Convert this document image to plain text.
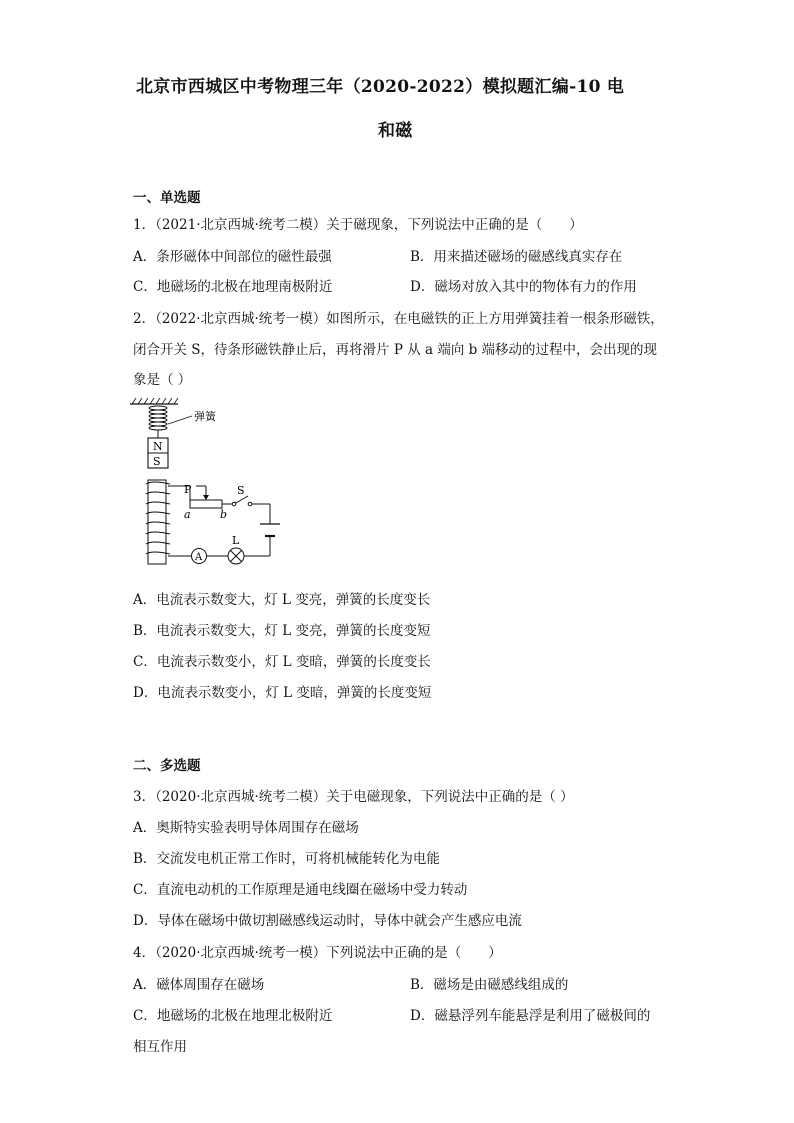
北京市西城区中考物理三年（2020-2022）模拟题汇编-10 电
和磁
一、单选题
1．（2021·北京西城·统考二模）关于磁现象，下列说法中正确的是（　　）
A．条形磁体中间部位的磁性最强	B．用来描述磁场的磁感线真实存在
C．地磁场的北极在地理南极附近	D．磁场对放入其中的物体有力的作用
2．（2022·北京西城·统考一模）如图所示，在电磁铁的正上方用弹簧挂着一根条形磁铁，
闭合开关 S，待条形磁铁静止后，再将滑片 P 从 a 端向 b 端移动的过程中，会出现的现
象是（ ）
弹簧
N
S
P
a	b
S
A
L
A．电流表示数变大，灯 L 变亮，弹簧的长度变长
B．电流表示数变大，灯 L 变亮，弹簧的长度变短
C．电流表示数变小，灯 L 变暗，弹簧的长度变长
D．电流表示数变小，灯 L 变暗，弹簧的长度变短
二、多选题
3．（2020·北京西城·统考二模）关于电磁现象，下列说法中正确的是（ ）
A．奥斯特实验表明导体周围存在磁场
B．交流发电机正常工作时，可将机械能转化为电能
C．直流电动机的工作原理是通电线圈在磁场中受力转动
D．导体在磁场中做切割磁感线运动时，导体中就会产生感应电流
4．（2020·北京西城·统考一模）下列说法中正确的是（　　）
A．磁体周围存在磁场	B．磁场是由磁感线组成的
C．地磁场的北极在地理北极附近	D．磁悬浮列车能悬浮是利用了磁极间的
相互作用
